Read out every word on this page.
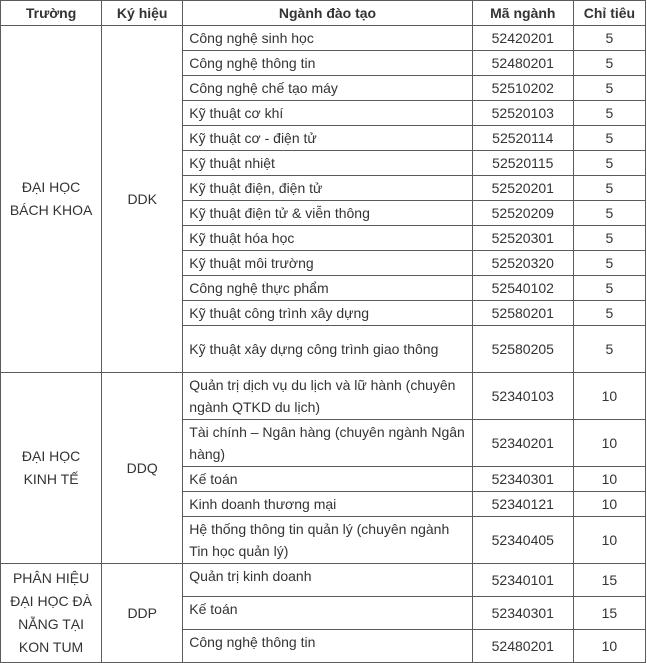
Trường	Ký hiệu	Ngành đào tạo	Mã ngành	Chỉ tiêu
ĐẠI HỌC BÁCH KHOA	DDK	Công nghệ sinh học	52420201	5
		Công nghệ thông tin	52480201	5
		Công nghệ chế tạo máy	52510202	5
		Kỹ thuật cơ khí	52520103	5
		Kỹ thuật cơ - điện tử	52520114	5
		Kỹ thuật nhiệt	52520115	5
		Kỹ thuật điện, điện tử	52520201	5
		Kỹ thuật điện tử & viễn thông	52520209	5
		Kỹ thuật hóa học	52520301	5
		Kỹ thuật môi trường	52520320	5
		Công nghệ thực phẩm	52540102	5
		Kỹ thuật công trình xây dựng	52580201	5
		Kỹ thuật xây dựng công trình giao thông	52580205	5
ĐẠI HỌC KINH TẾ	DDQ	Quản trị dịch vụ du lịch và lữ hành (chuyên ngành QTKD du lịch)	52340103	10
		Tài chính – Ngân hàng (chuyên ngành Ngân hàng)	52340201	10
		Kế toán	52340301	10
		Kinh doanh thương mại	52340121	10
		Hệ thống thông tin quản lý (chuyên ngành Tin học quản lý)	52340405	10
PHÂN HIỆU ĐẠI HỌC ĐÀ NẴNG TẠI KON TUM	DDP	Quản trị kinh doanh	52340101	15
		Kế toán	52340301	15
		Công nghệ thông tin	52480201	10
